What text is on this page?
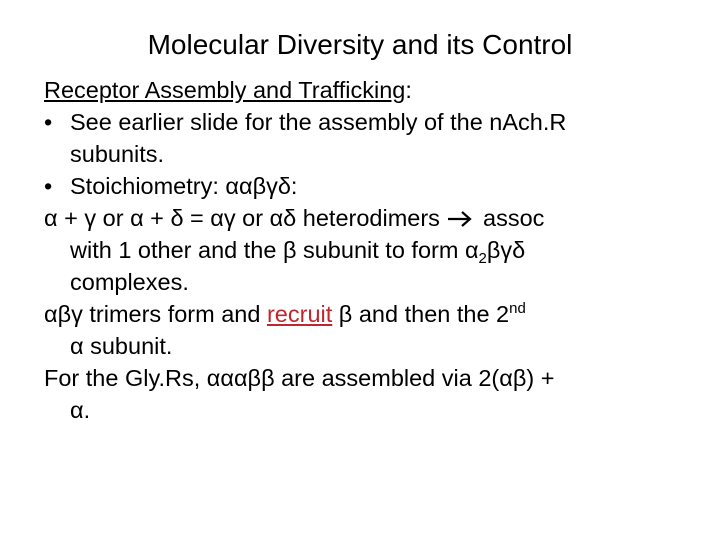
Molecular Diversity and its Control
Receptor Assembly and Trafficking:
• See earlier slide for the assembly of the nAch.R
subunits.
• Stoichiometry: ααβγδ:
α + γ or α + δ = αγ or αδ heterodimers  assoc
with 1 other and the β subunit to form $\alpha_2\beta\gamma\delta$
complexes.
αβγ trimers form and recruit β and then the 2nd
α subunit.
For the Gly.Rs, αααββ are assembled via 2(αβ) +
α.
